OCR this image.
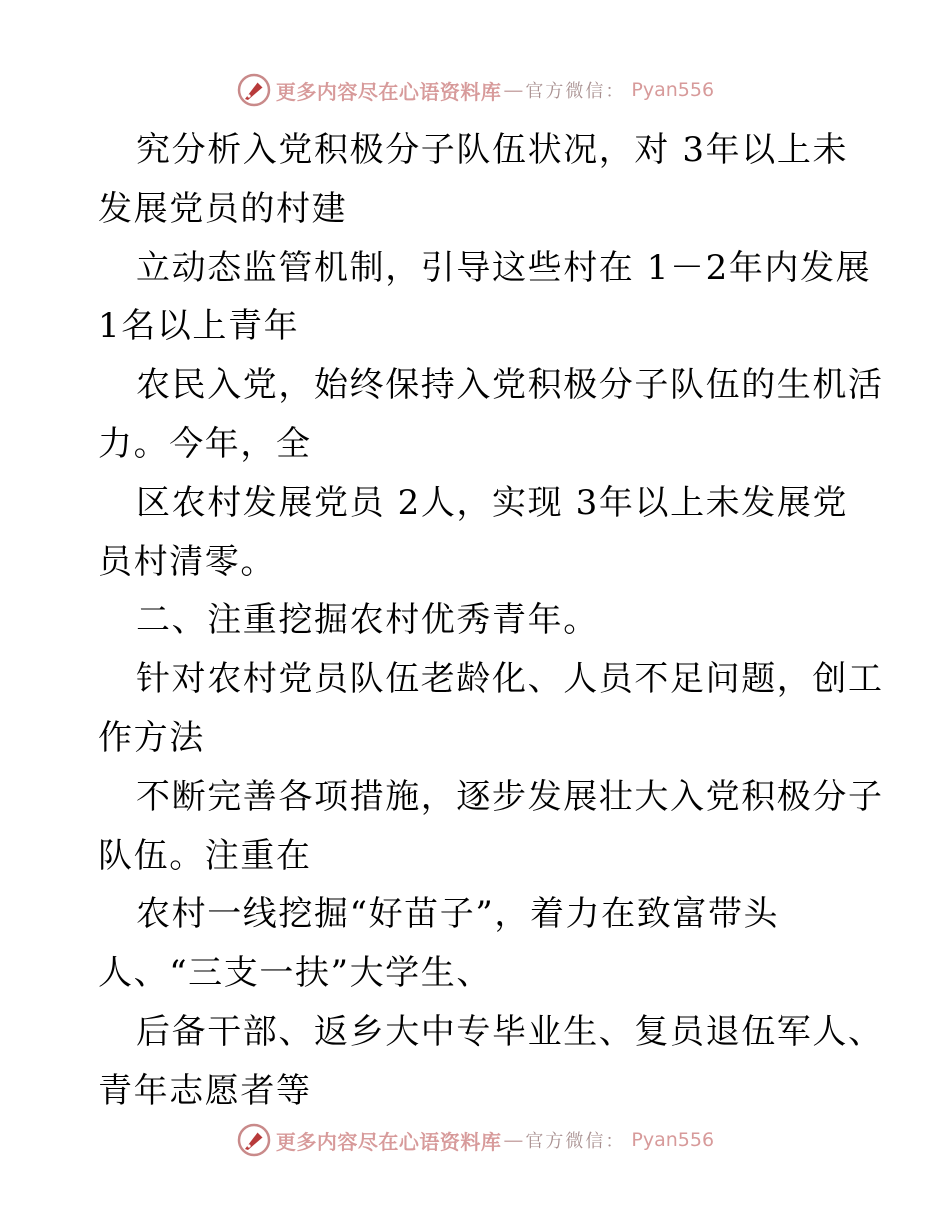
更多内容尽在心语资料库 — 官方微信： Pyan556

究分析入党积极分子队伍状况，对 3年以上未

发展党员的村建

立动态监管机制，引导这些村在 1－2年内发展

1名以上青年

农民入党，始终保持入党积极分子队伍的生机活

力。今年，全

区农村发展党员 2人，实现 3年以上未发展党

员村清零。

二、注重挖掘农村优秀青年。

针对农村党员队伍老龄化、人员不足问题，创工

作方法

不断完善各项措施，逐步发展壮大入党积极分子

队伍。注重在

农村一线挖掘“好苗子”，着力在致富带头

人、“三支一扶”大学生、

后备干部、返乡大中专毕业生、复员退伍军人、

青年志愿者等

更多内容尽在心语资料库 — 官方微信： Pyan556
